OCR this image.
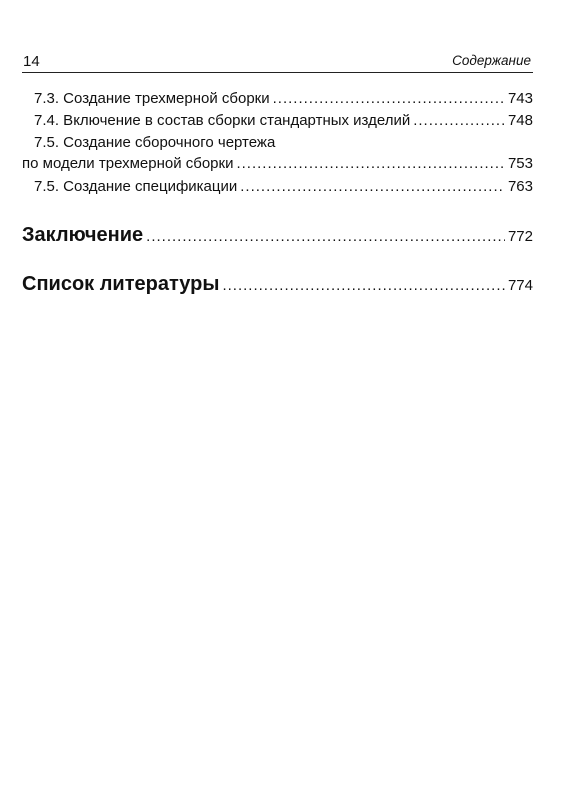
14	Содержание
7.3. Создание трехмерной сборки .....	743
7.4. Включение в состав сборки стандартных изделий .....	748
7.5. Создание сборочного чертежа
по модели трехмерной сборки .....	753
7.5. Создание спецификации .....	763
Заключение .....	772
Список литературы .....	774
